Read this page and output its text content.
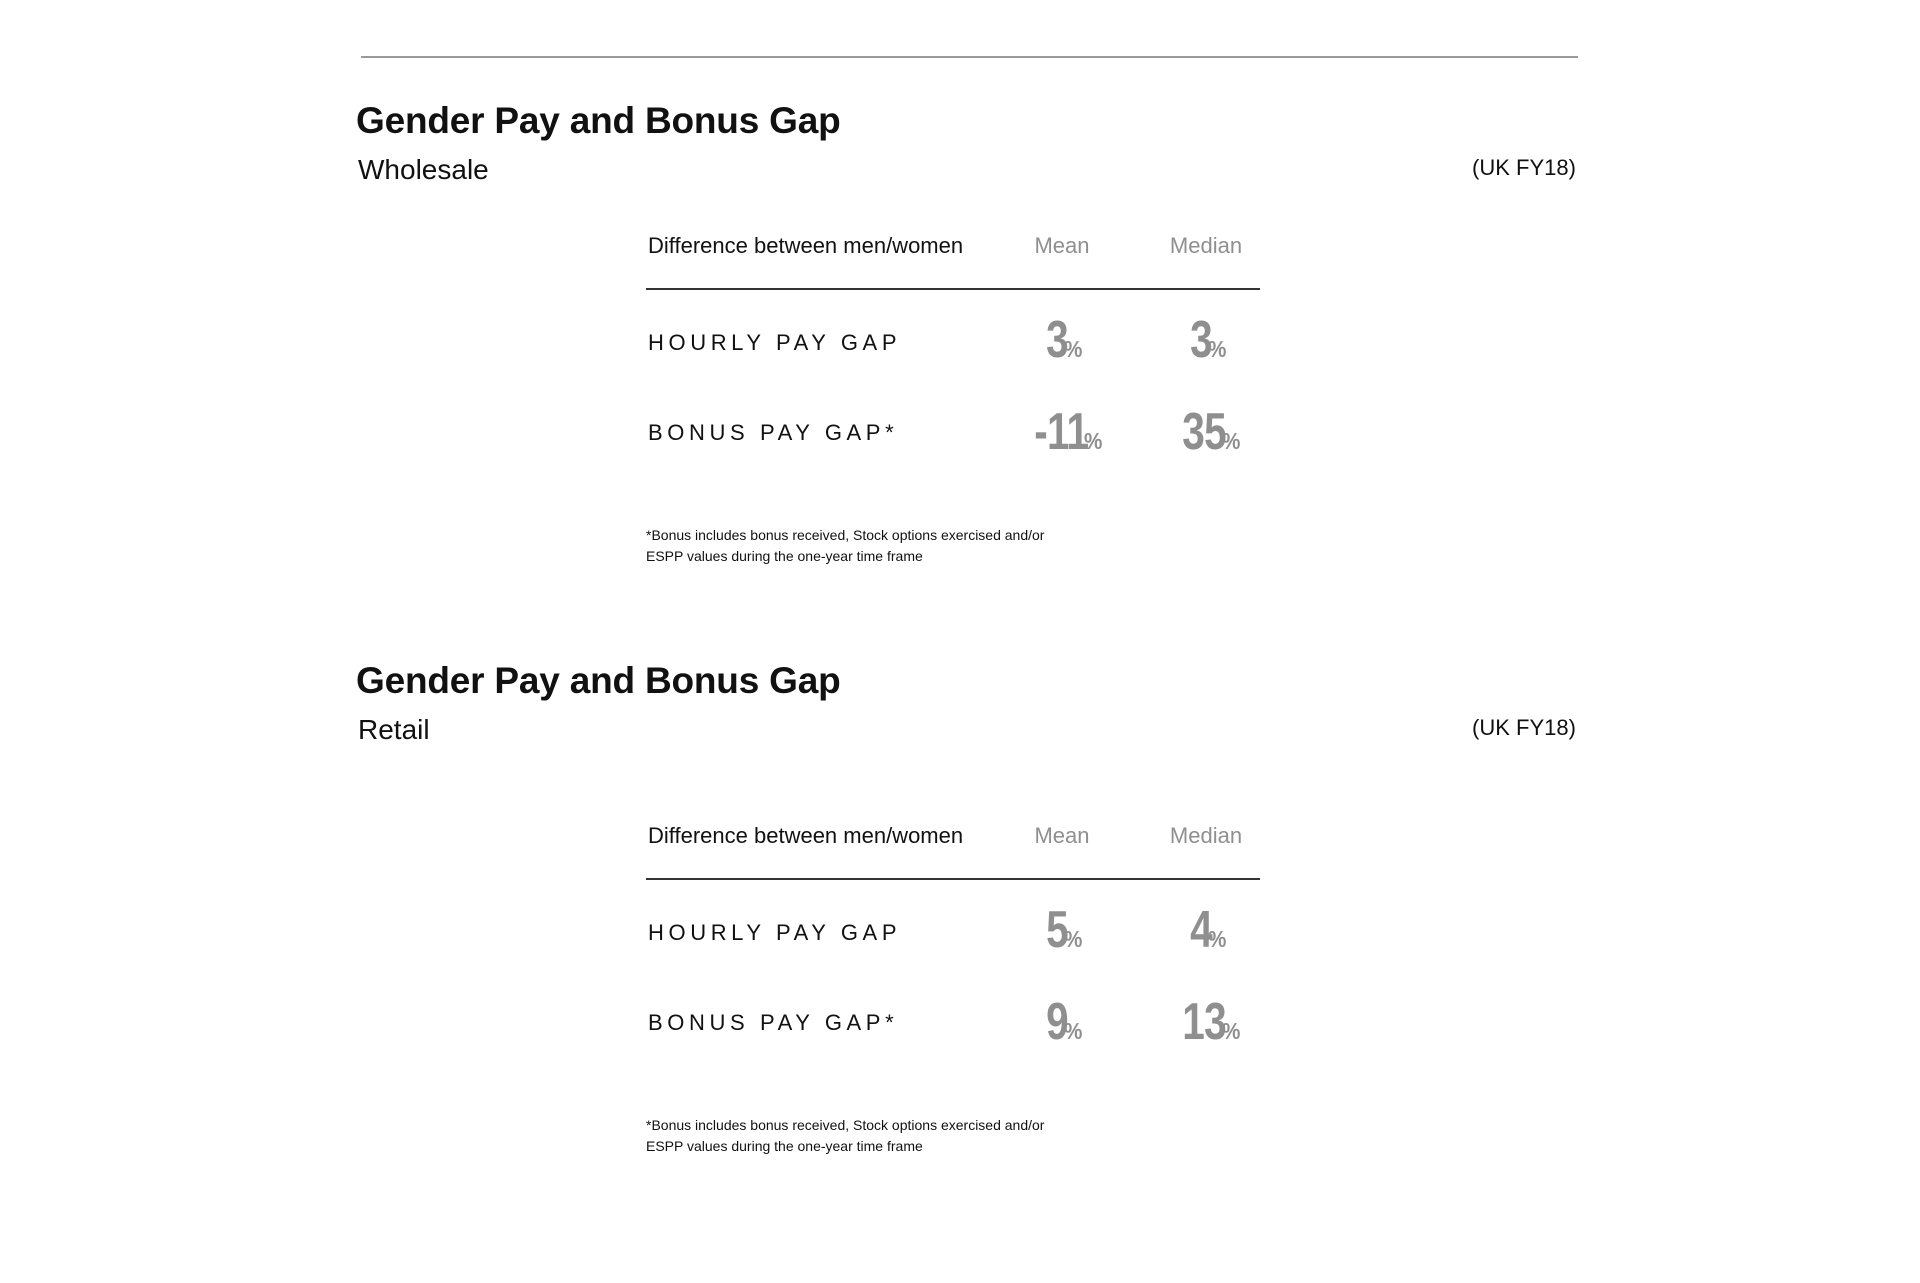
Gender Pay and Bonus Gap
Wholesale	(UK FY18)
Difference between men/women	Mean	Median
HOURLY PAY GAP	3%	3%
BONUS PAY GAP*	-11%	35%
*Bonus includes bonus received, Stock options exercised and/or
ESPP values during the one-year time frame
Gender Pay and Bonus Gap
Retail	(UK FY18)
Difference between men/women	Mean	Median
HOURLY PAY GAP	5%	4%
BONUS PAY GAP*	9%	13%
*Bonus includes bonus received, Stock options exercised and/or
ESPP values during the one-year time frame
